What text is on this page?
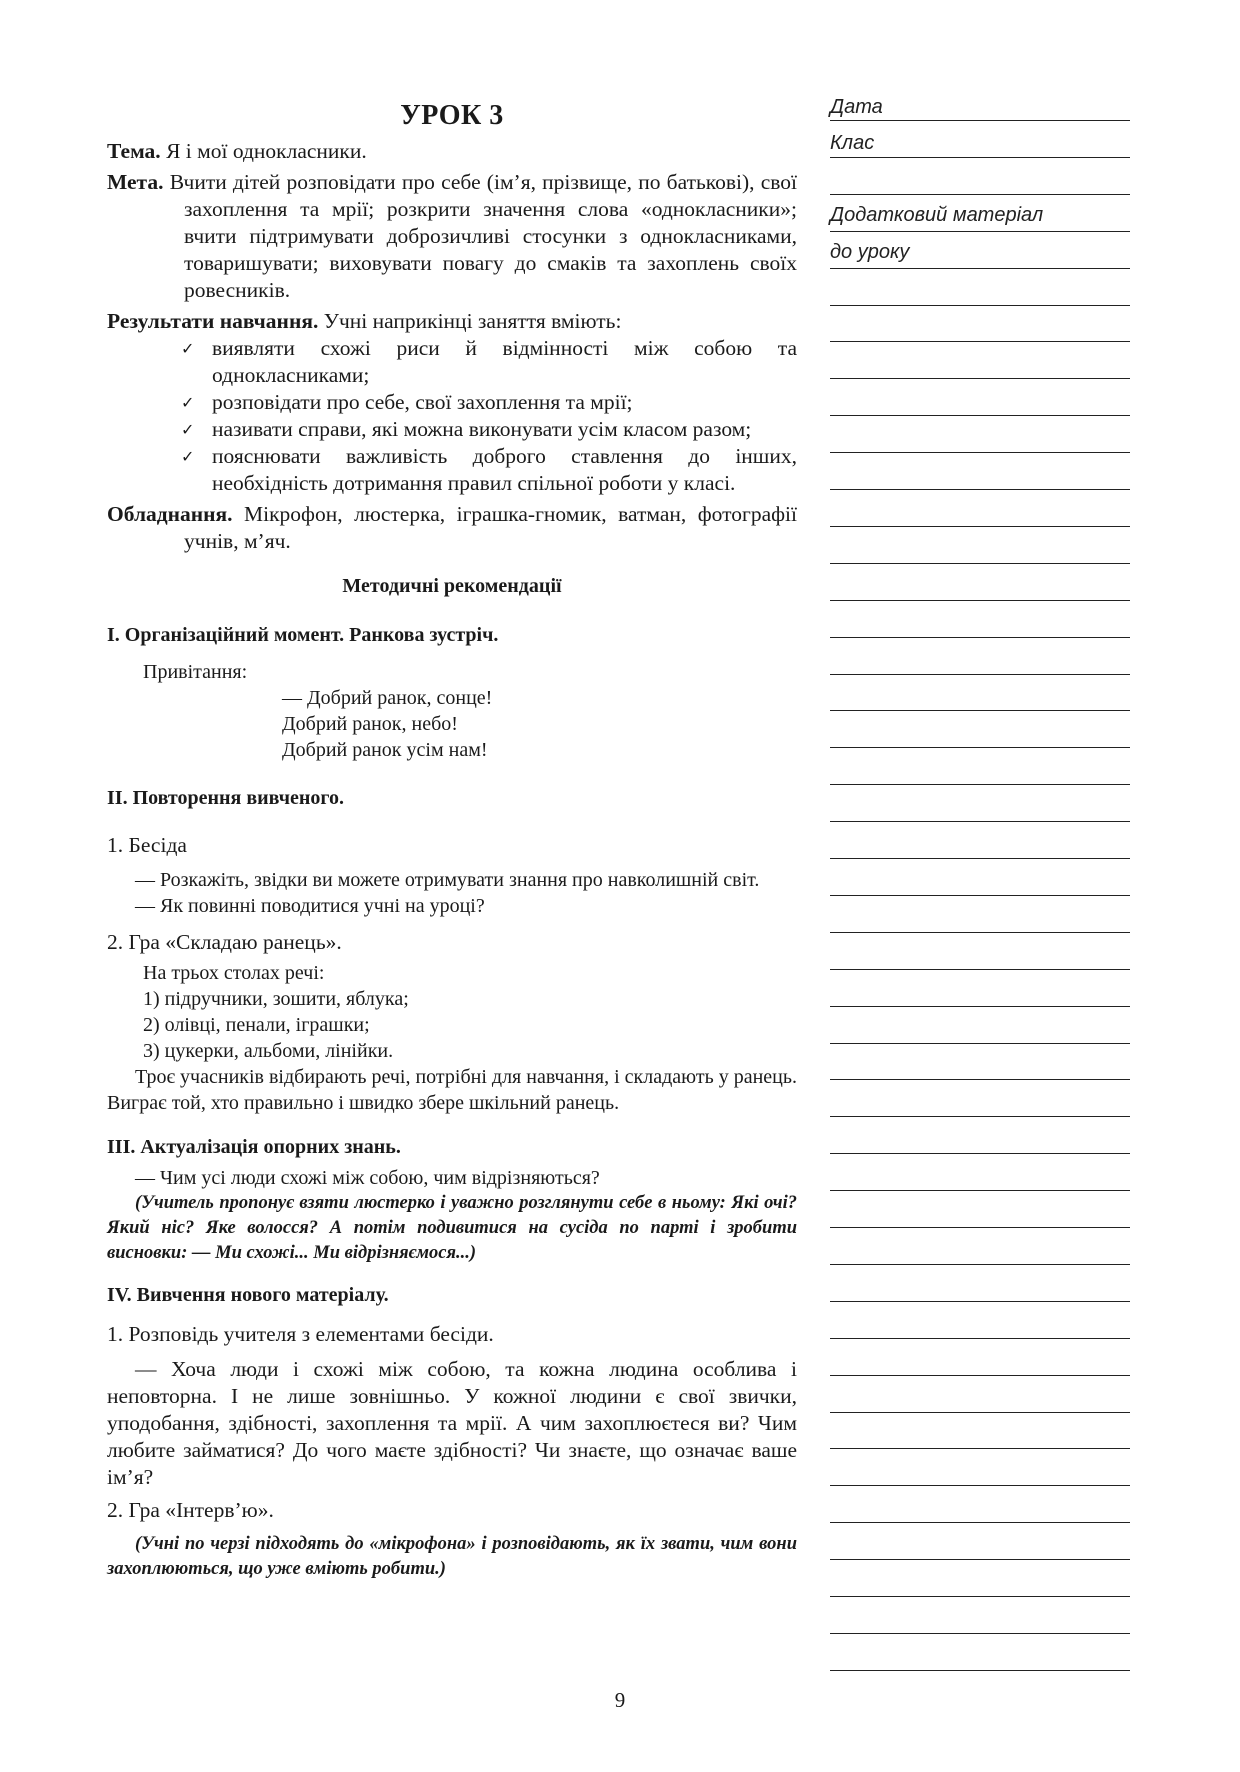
УРОК 3

Тема. Я і мої однокласники.

Мета. Вчити дітей розповідати про себе (ім’я, прізвище, по батькові), свої захоплення та мрії; розкрити значення слова «однокласники»; вчити підтримувати доброзичливі стосунки з однокласниками, товаришувати; виховувати повагу до смаків та захоплень своїх ровесників.

Результати навчання. Учні наприкінці заняття вміють:

✓ виявляти схожі риси й відмінності між собою та однокласниками;
✓ розповідати про себе, свої захоплення та мрії;
✓ називати справи, які можна виконувати усім класом разом;
✓ пояснювати важливість доброго ставлення до інших, необхідність дотримання правил спільної роботи у класі.

Обладнання. Мікрофон, люстерка, іграшка-гномик, ватман, фотографії учнів, м’яч.

Методичні рекомендації
I. Організаційний момент. Ранкова зустріч.
Привітання:
— Добрий ранок, сонце!
Добрий ранок, небо!
Добрий ранок усім нам!
II. Повторення вивченого.
1. Бесіда
— Розкажіть, звідки ви можете отримувати знання про навколишній світ.
— Як повинні поводитися учні на уроці?
2. Гра «Складаю ранець».
На трьох столах речі:
1) підручники, зошити, яблука;
2) олівці, пенали, іграшки;
3) цукерки, альбоми, лінійки.
Троє учасників відбирають речі, потрібні для навчання, і складають у ранець. Виграє той, хто правильно і швидко збере шкільний ранець.
III. Актуалізація опорних знань.
— Чим усі люди схожі між собою, чим відрізняються?
(Учитель пропонує взяти люстерко і уважно розглянути себе в ньому: Які очі? Який ніс? Яке волосся? А потім подивитися на сусіда по парті і зробити висновки: — Ми схожі... Ми відрізняємося...)
IV. Вивчення нового матеріалу.
1. Розповідь учителя з елементами бесіди.
— Хоча люди і схожі між собою, та кожна людина особлива і неповторна. І не лише зовнішньо. У кожної людини є свої звички, уподобання, здібності, захоплення та мрії. А чим захоплюєтеся ви? Чим любите займатися? До чого маєте здібності? Чи знаєте, що означає ваше ім’я?
2. Гра «Інтерв’ю».
(Учні по черзі підходять до «мікрофона» і розповідають, як їх звати, чим вони захоплюються, що уже вміють робити.)
Дата
Клас
Додатковий матеріал
до уроку
9
